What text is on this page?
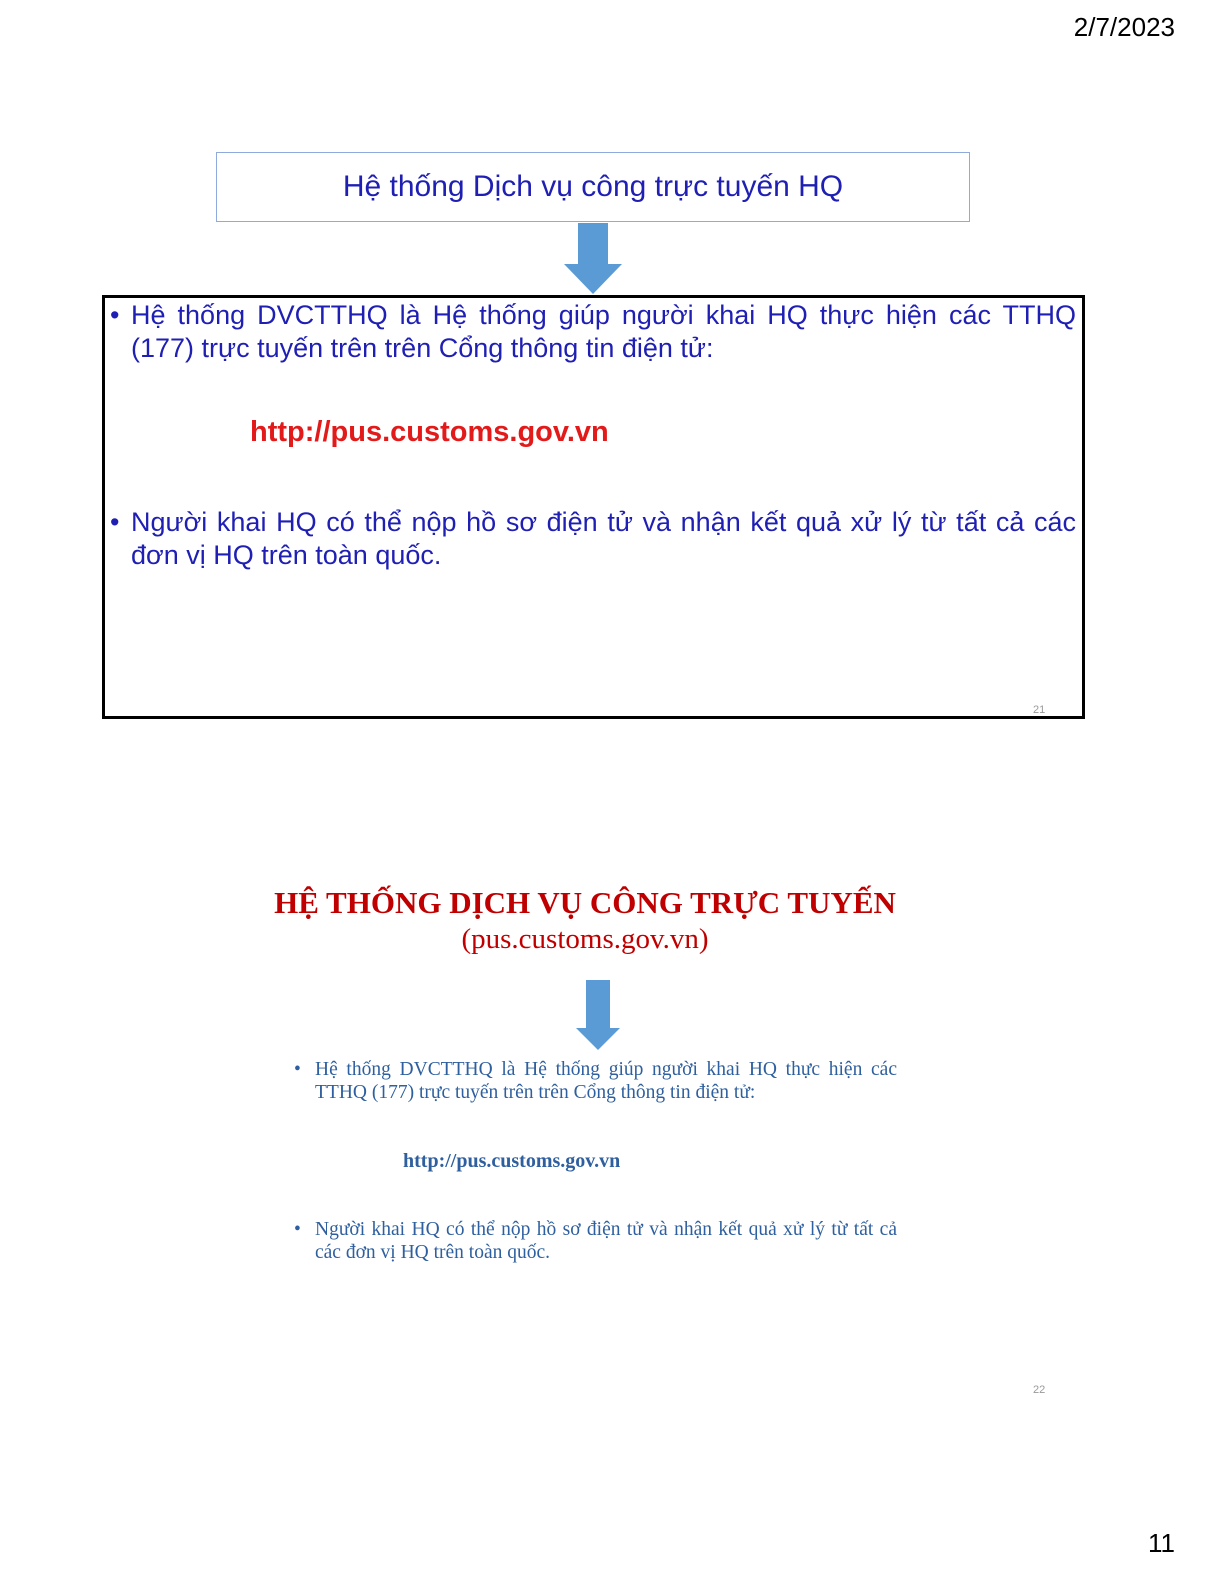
2/7/2023
Hệ thống Dịch vụ công trực tuyến HQ
• Hệ thống DVCTTHQ là Hệ thống giúp người khai HQ thực hiện các TTHQ (177) trực tuyến trên trên Cổng thông tin điện tử:
http://pus.customs.gov.vn
• Người khai HQ có thể nộp hồ sơ điện tử và nhận kết quả xử lý từ tất cả các đơn vị HQ trên toàn quốc.
21
HỆ THỐNG DỊCH VỤ CÔNG TRỰC TUYẾN
(pus.customs.gov.vn)
• Hệ thống DVCTTHQ là Hệ thống giúp người khai HQ thực hiện các TTHQ (177) trực tuyến trên trên Cổng thông tin điện tử:
http://pus.customs.gov.vn
• Người khai HQ có thể nộp hồ sơ điện tử và nhận kết quả xử lý từ tất cả các đơn vị HQ trên toàn quốc.
22
11
